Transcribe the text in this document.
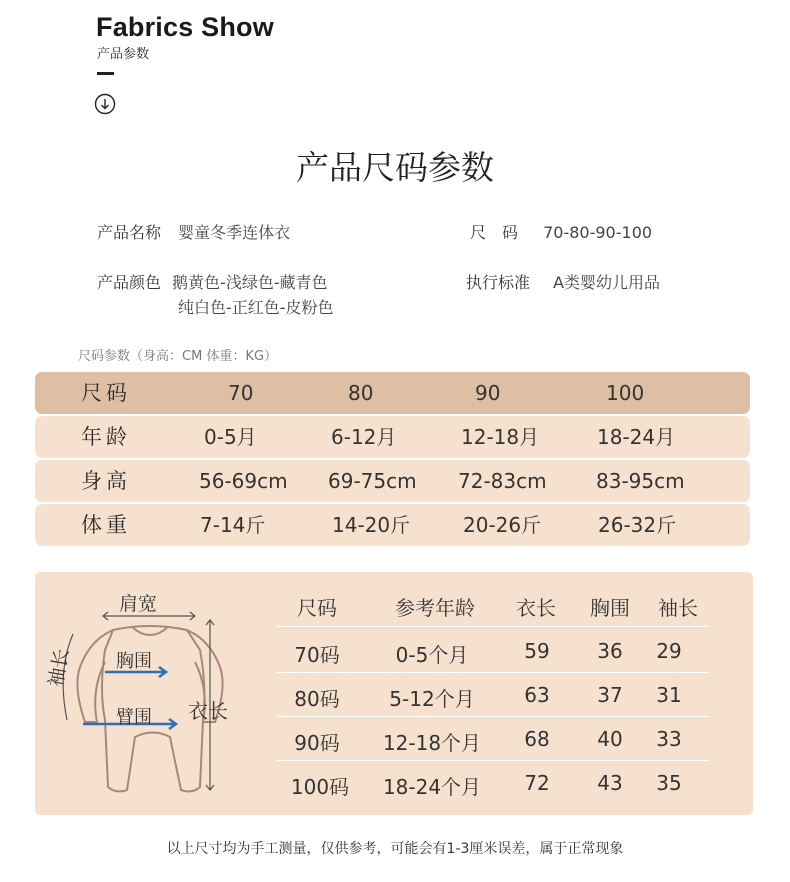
Fabrics Show
产品参数
产品尺码参数
产品名称 婴童冬季连体衣	尺　码 70-80-90-100
产品颜色 鹅黄色-浅绿色-藏青色
纯白色-正红色-皮粉色
执行标准 A类婴幼儿用品
尺码参数（身高：CM 体重：KG）
尺码	70	80	90	100
年龄	0-5月	6-12月	12-18月	18-24月
身高	56-69cm 69-75cm 72-83cm 83-95cm
体重	7-14斤	14-20斤	20-26斤	26-32斤
肩宽
袖长 胸围
臂围 衣长
尺码	参考年龄 衣长 胸围 袖长
70码	0-5个月	59 36 29
80码 5-12个月 63 37 31
90码 12-18个月 68 40 33
100码 18-24个月 72 43 35
以上尺寸均为手工测量，仅供参考，可能会有1-3厘米误差，属于正常现象
